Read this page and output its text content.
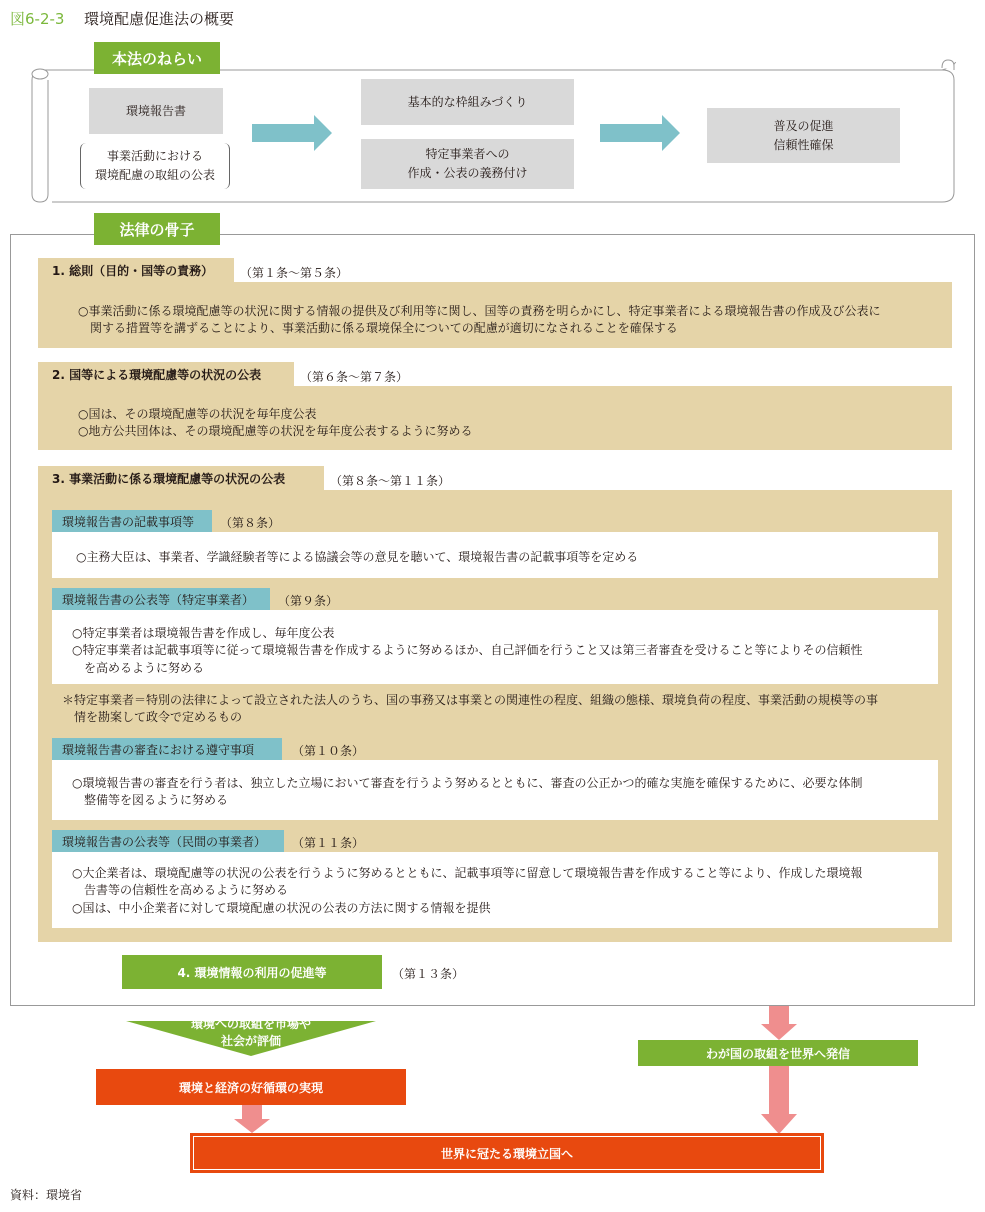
図6-2-3 環境配慮促進法の概要
本法のねらい
環境報告書
事業活動における
環境配慮の取組の公表
基本的な枠組みづくり
特定事業者への
作成・公表の義務付け
普及の促進
信頼性確保
法律の骨子
1. 総則（目的・国等の責務）	（第１条〜第５条）
○事業活動に係る環境配慮等の状況に関する情報の提供及び利用等に関し、国等の責務を明らかにし、特定事業者による環境報告書の作成及び公表に
　関する措置等を講ずることにより、事業活動に係る環境保全についての配慮が適切になされることを確保する
2. 国等による環境配慮等の状況の公表	（第６条〜第７条）
○国は、その環境配慮等の状況を毎年度公表
○地方公共団体は、その環境配慮等の状況を毎年度公表するように努める
3. 事業活動に係る環境配慮等の状況の公表	（第８条〜第１１条）
環境報告書の記載事項等	（第８条）
○主務大臣は、事業者、学識経験者等による協議会等の意見を聴いて、環境報告書の記載事項等を定める
環境報告書の公表等（特定事業者）	（第９条）
○特定事業者は環境報告書を作成し、毎年度公表
○特定事業者は記載事項等に従って環境報告書を作成するように努めるほか、自己評価を行うこと又は第三者審査を受けること等によりその信頼性
　を高めるように努める
＊特定事業者＝特別の法律によって設立された法人のうち、国の事務又は事業との関連性の程度、組織の態様、環境負荷の程度、事業活動の規模等の事
　情を勘案して政令で定めるもの
環境報告書の審査における遵守事項	（第１０条）
○環境報告書の審査を行う者は、独立した立場において審査を行うよう努めるとともに、審査の公正かつ的確な実施を確保するために、必要な体制
　整備等を図るように努める
環境報告書の公表等（民間の事業者）	（第１１条）
○大企業者は、環境配慮等の状況の公表を行うように努めるとともに、記載事項等に留意して環境報告書を作成すること等により、作成した環境報
　告書等の信頼性を高めるように努める
○国は、中小企業者に対して環境配慮の状況の公表の方法に関する情報を提供
4. 環境情報の利用の促進等	（第１３条）
環境への取組を市場や
社会が評価
環境と経済の好循環の実現
わが国の取組を世界へ発信
世界に冠たる環境立国へ
資料：環境省
